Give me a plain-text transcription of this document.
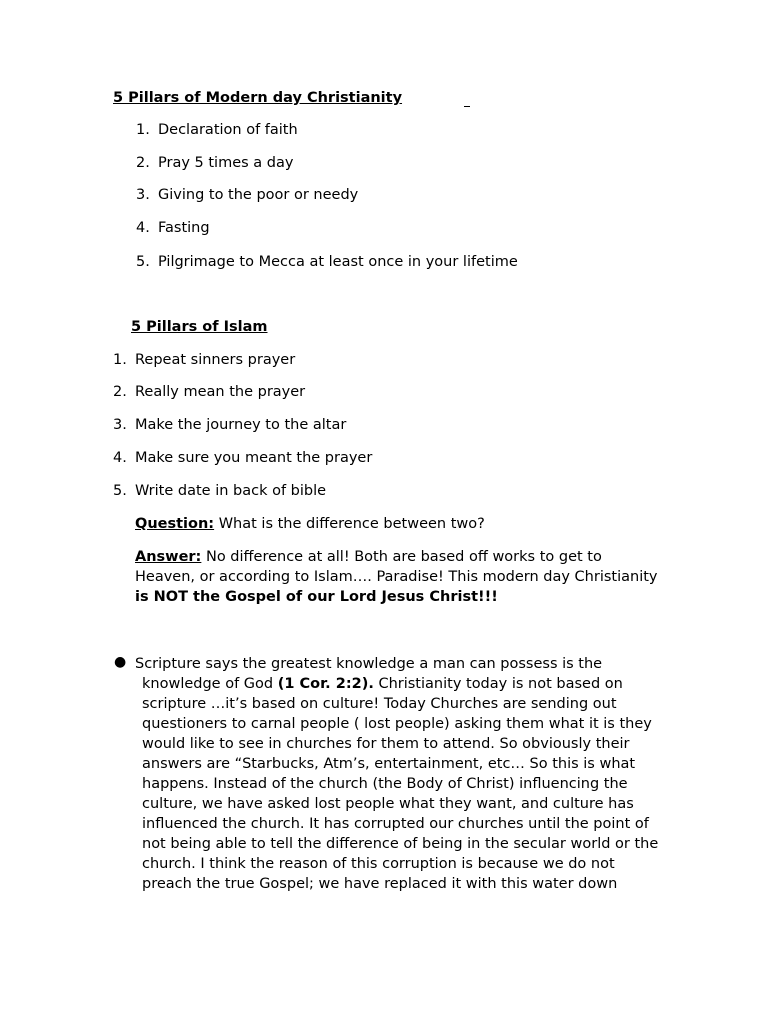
5 Pillars of Modern day Christianity
1. Declaration of faith
2. Pray 5 times a day
3. Giving to the poor or needy
4. Fasting
5. Pilgrimage to Mecca at least once in your lifetime
5 Pillars of Islam
1. Repeat sinners prayer
2. Really mean the prayer
3. Make the journey to the altar
4. Make sure you meant the prayer
5. Write date in back of bible
Question: What is the difference between two?
Answer: No difference at all! Both are based off works to get to
Heaven, or according to Islam…. Paradise! This modern day Christianity
is NOT the Gospel of our Lord Jesus Christ!!!
● Scripture says the greatest knowledge a man can possess is the
knowledge of God (1 Cor. 2:2). Christianity today is not based on
scripture …it’s based on culture! Today Churches are sending out
questioners to carnal people ( lost people) asking them what it is they
would like to see in churches for them to attend. So obviously their
answers are “Starbucks, Atm’s, entertainment, etc… So this is what
happens. Instead of the church (the Body of Christ) influencing the
culture, we have asked lost people what they want, and culture has
influenced the church. It has corrupted our churches until the point of
not being able to tell the difference of being in the secular world or the
church. I think the reason of this corruption is because we do not
preach the true Gospel; we have replaced it with this water down
